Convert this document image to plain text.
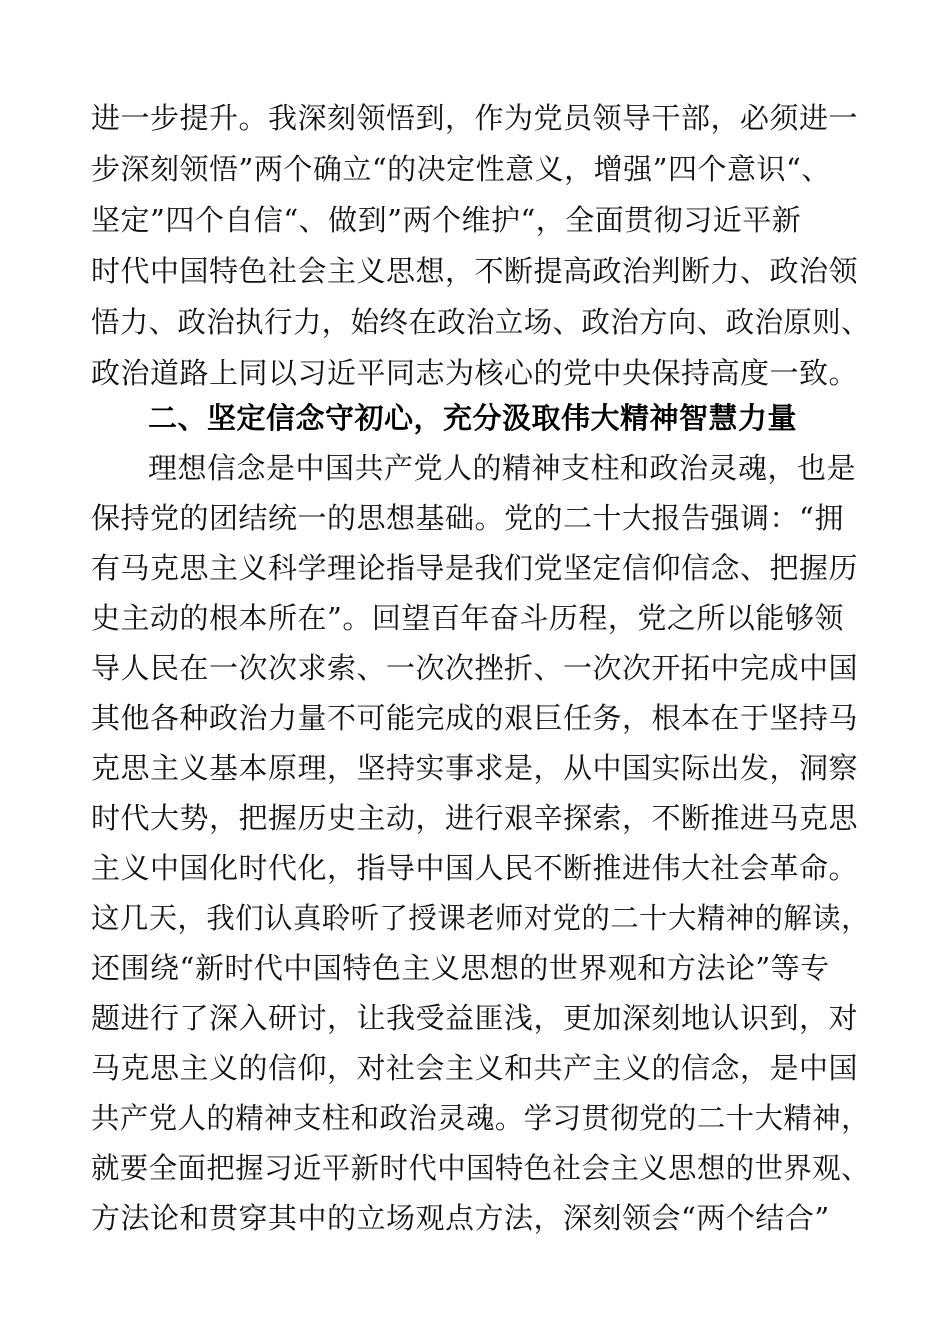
进一步提升。我深刻领悟到，作为党员领导干部，必须进一
步深刻领悟”两个确立“的决定性意义，增强”四个意识“、
坚定”四个自信“、做到”两个维护“，全面贯彻习近平新
时代中国特色社会主义思想，不断提高政治判断力、政治领
悟力、政治执行力，始终在政治立场、政治方向、政治原则、
政治道路上同以习近平同志为核心的党中央保持高度一致。
二、坚定信念守初心，充分汲取伟大精神智慧力量
理想信念是中国共产党人的精神支柱和政治灵魂，也是
保持党的团结统一的思想基础。党的二十大报告强调：“拥
有马克思主义科学理论指导是我们党坚定信仰信念、把握历
史主动的根本所在”。回望百年奋斗历程，党之所以能够领
导人民在一次次求索、一次次挫折、一次次开拓中完成中国
其他各种政治力量不可能完成的艰巨任务，根本在于坚持马
克思主义基本原理，坚持实事求是，从中国实际出发，洞察
时代大势，把握历史主动，进行艰辛探索，不断推进马克思
主义中国化时代化，指导中国人民不断推进伟大社会革命。
这几天，我们认真聆听了授课老师对党的二十大精神的解读，
还围绕“新时代中国特色主义思想的世界观和方法论”等专
题进行了深入研讨，让我受益匪浅，更加深刻地认识到，对
马克思主义的信仰，对社会主义和共产主义的信念，是中国
共产党人的精神支柱和政治灵魂。学习贯彻党的二十大精神，
就要全面把握习近平新时代中国特色社会主义思想的世界观、
方法论和贯穿其中的立场观点方法，深刻领会“两个结合”
